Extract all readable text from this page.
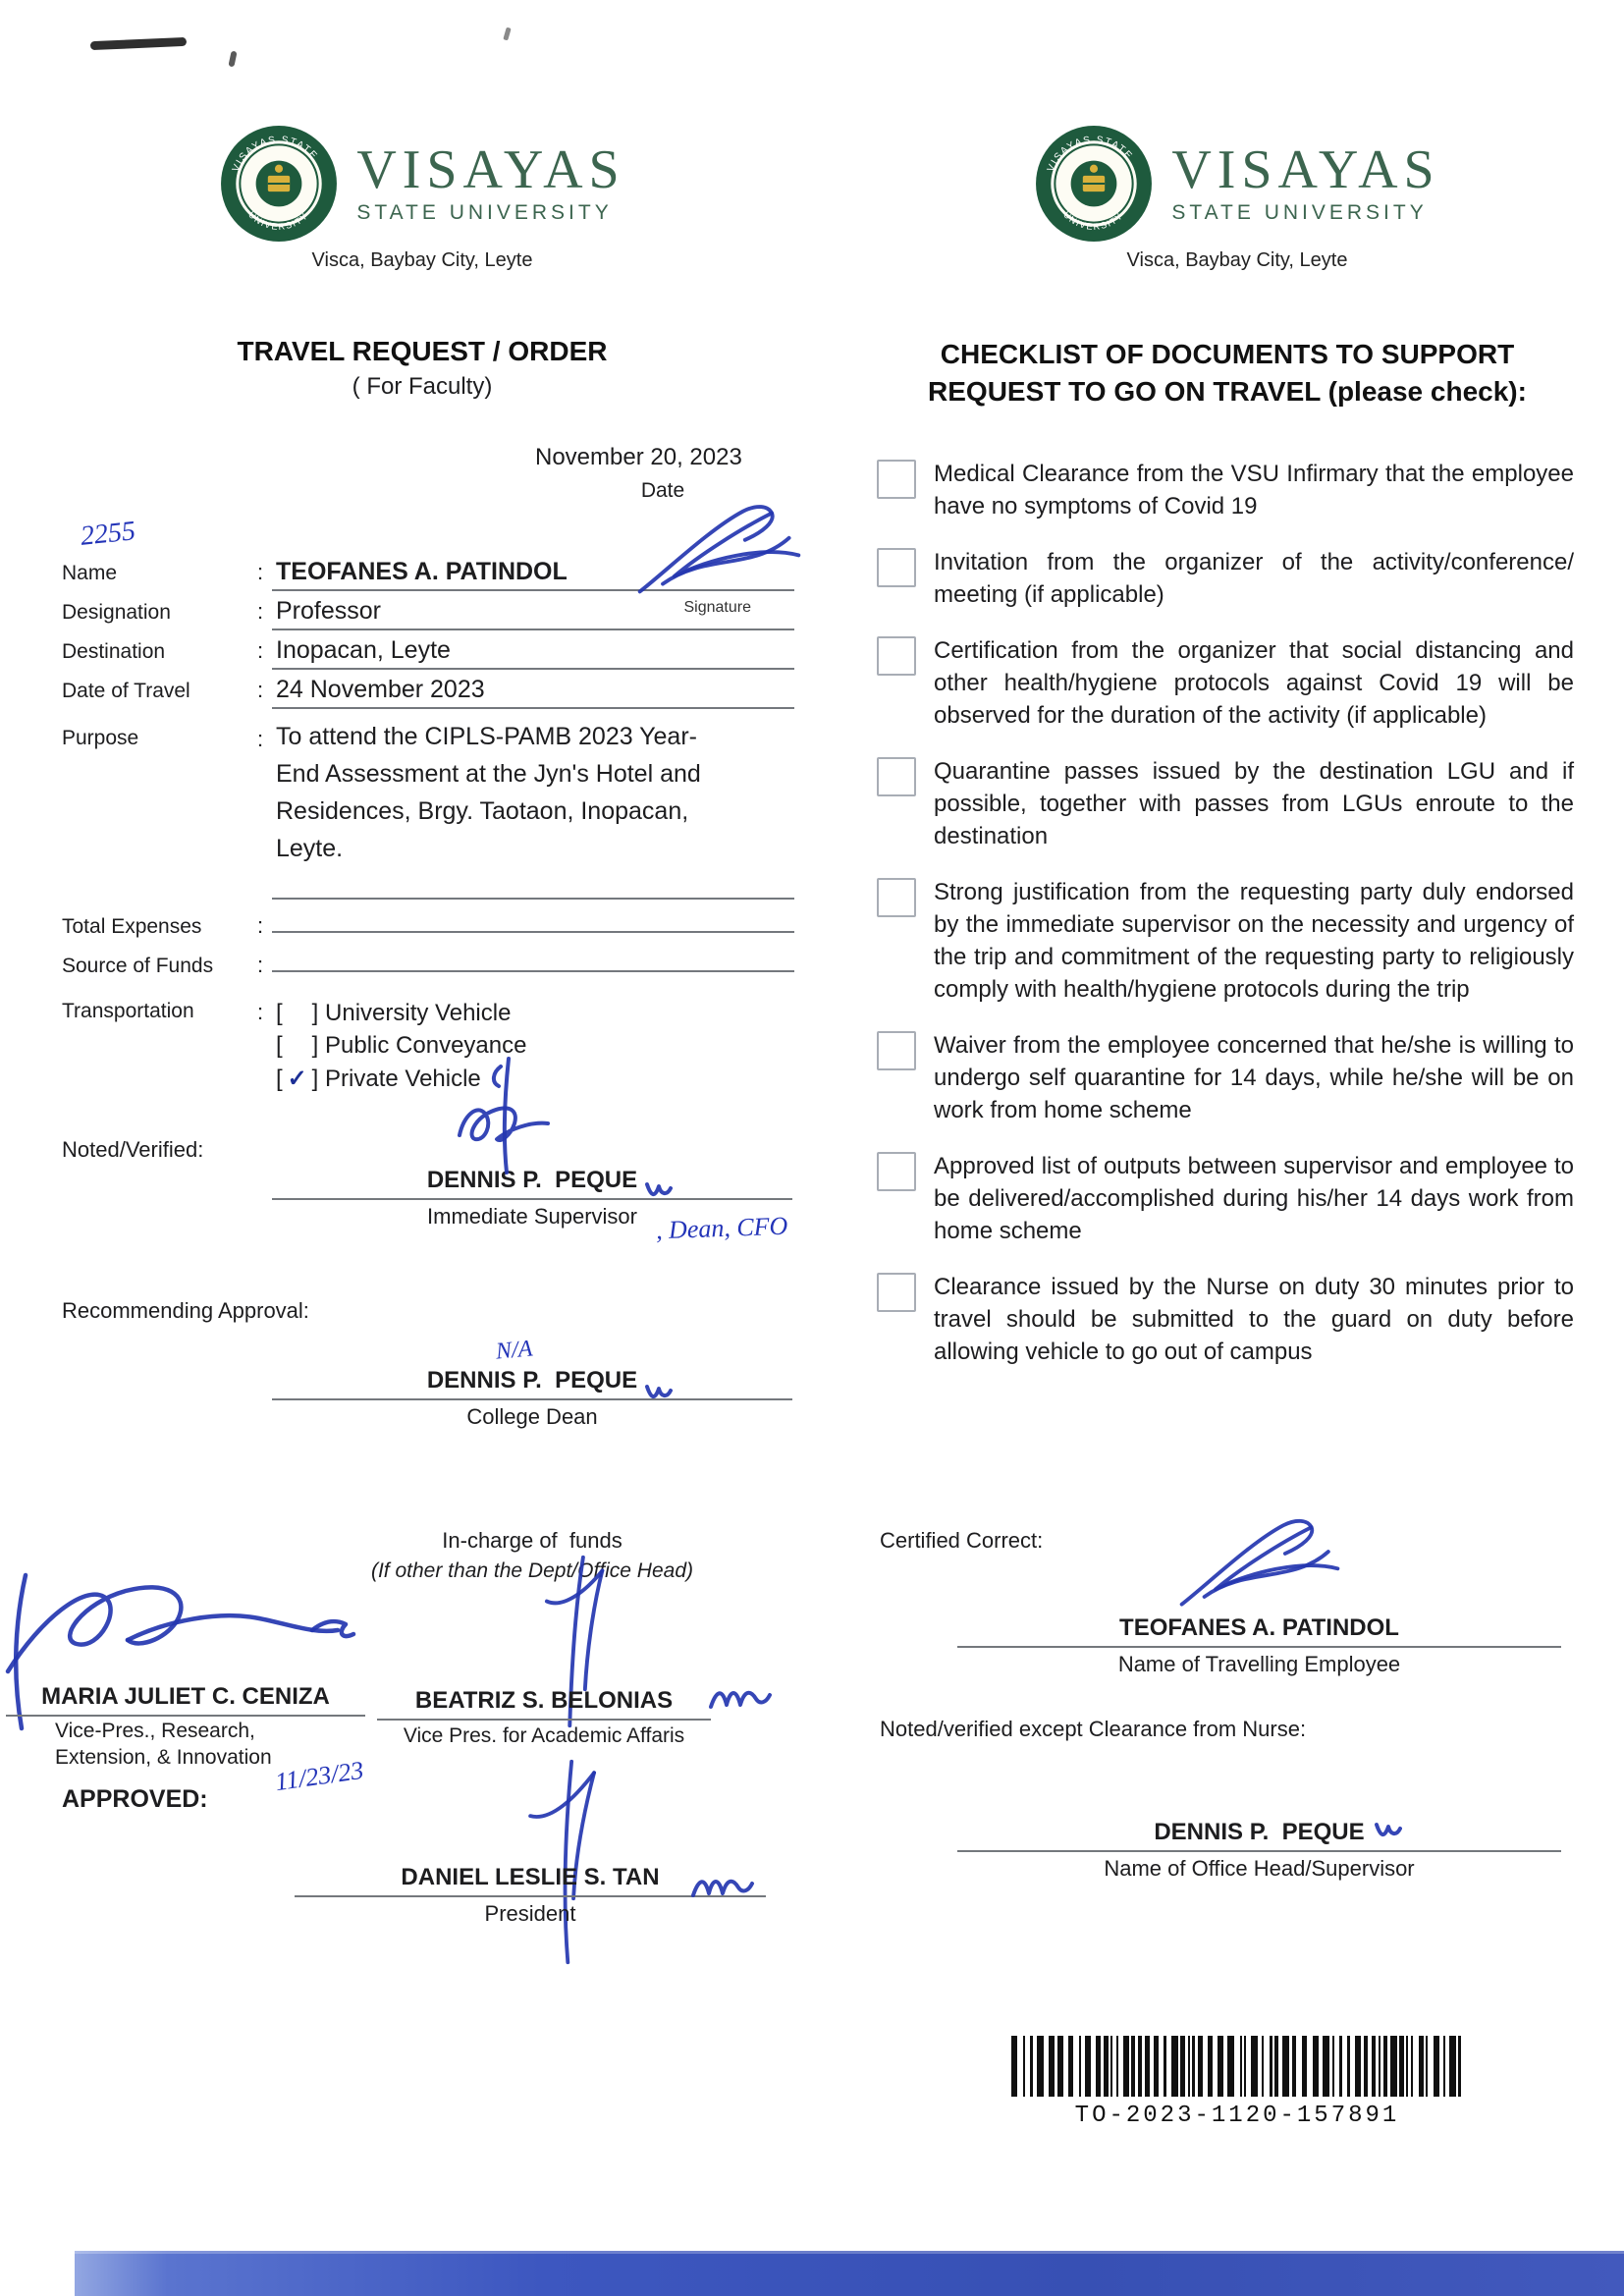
VISAYAS STATE
UNIVERSITY
VISAYAS
STATE UNIVERSITY
Visca, Baybay City, Leyte
VISAYAS STATE
UNIVERSITY
VISAYAS
STATE UNIVERSITY
Visca, Baybay City, Leyte
TRAVEL REQUEST / ORDER
( For Faculty)
CHECKLIST OF DOCUMENTS TO SUPPORT
REQUEST TO GO ON TRAVEL (please check):
November 20, 2023
Date
2255
Name	: TEOFANES A. PATINDOL
Signature
Designation	: Professor
Destination	: Inopacan, Leyte
Date of Travel	: 24 November 2023
Purpose	: To attend the CIPLS-PAMB 2023 Year-
End Assessment at the Jyn's Hotel and
Residences, Brgy. Taotaon, Inopacan,
Leyte.
Total Expenses	:
Source of Funds	:
Transportation	: [ ] University Vehicle
[ ] Public Conveyance
[ ✓ ] Private Vehicle
Noted/Verified:
DENNIS P.  PEQUE
Immediate Supervisor , Dean, CFO
Recommending Approval:
N/A
DENNIS P.  PEQUE
College Dean
In-charge of  funds
(If other than the Dept/Office Head)
MARIA JULIET C. CENIZA
Vice-Pres., Research,
Extension, & Innovation
BEATRIZ S. BELONIAS
Vice Pres. for Academic Affaris
11/23/23
APPROVED:
DANIEL LESLIE S. TAN
President
Medical Clearance from the VSU Infirmary that the employee have no symptoms of Covid 19
Invitation from the organizer of the activity/conference/ meeting (if applicable)
Certification from the organizer that social distancing and other health/hygiene protocols against Covid 19 will be observed for the duration of the activity (if applicable)
Quarantine passes issued by the destination LGU and if possible, together with passes from LGUs enroute to the destination
Strong justification from the requesting party duly endorsed by the immediate supervisor on the necessity and urgency of the trip and commitment of the requesting party to religiously comply with health/hygiene protocols during the trip
Waiver from the employee concerned that he/she is willing to undergo self quarantine for 14 days, while he/she will be on work from home scheme
Approved list of outputs between supervisor and employee to be delivered/accomplished during his/her 14 days work from home scheme
Clearance issued by the Nurse on duty 30 minutes prior to travel should be submitted to the guard on duty before allowing vehicle to go out of campus
Certified Correct:
TEOFANES A. PATINDOL
Name of Travelling Employee
Noted/verified except Clearance from Nurse:
DENNIS P.  PEQUE
Name of Office Head/Supervisor
TO-2023-1120-157891
